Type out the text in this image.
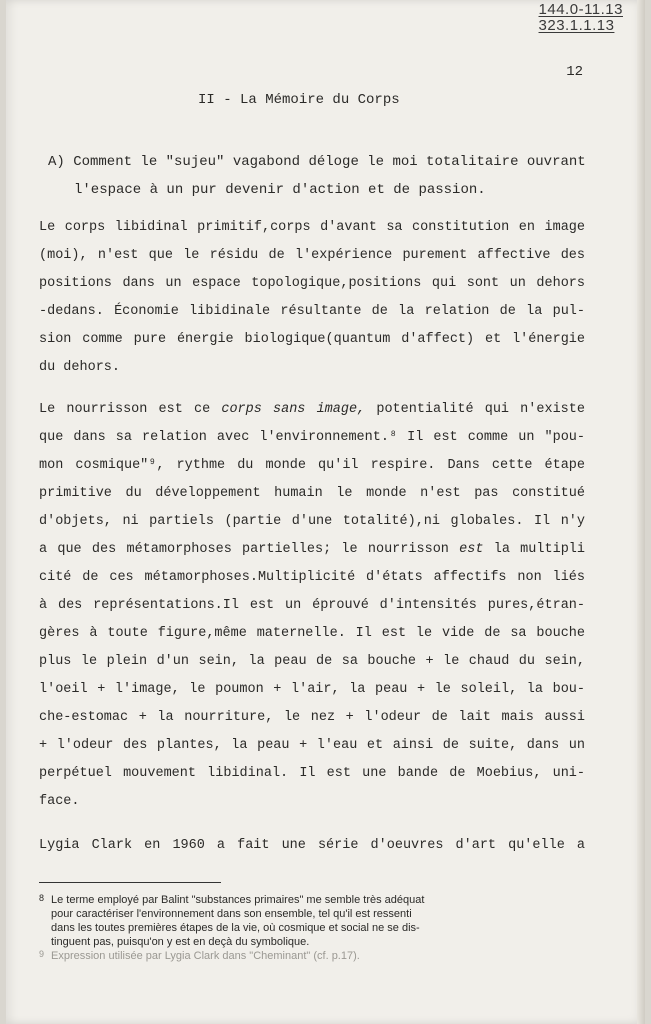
144.0-11.13
323.1.1.13
12
II - La Mémoire du Corps
A) Comment le "sujeu" vagabond déloge le moi totalitaire ouvrant
l'espace à un pur devenir d'action et de passion.
Le corps libidinal primitif,corps d'avant sa constitution en image
(moi), n'est que le résidu de l'expérience purement affective des
positions dans un espace topologique,positions qui sont un dehors
-dedans. Économie libidinale résultante de la relation de la pul-
sion comme pure énergie biologique(quantum d'affect) et l'énergie
du dehors.
Le nourrisson est ce corps sans image, potentialité qui n'existe
que dans sa relation avec l'environnement.⁸ Il est comme un "pou-
mon cosmique"⁹, rythme du monde qu'il respire. Dans cette étape
primitive du développement humain le monde n'est pas constitué
d'objets, ni partiels (partie d'une totalité),ni globales. Il n'y
a que des métamorphoses partielles; le nourrisson est la multipli
cité de ces métamorphoses.Multiplicité d'états affectifs non liés
à des représentations.Il est un éprouvé d'intensités pures,étran-
gères à toute figure,même maternelle. Il est le vide de sa bouche
plus le plein d'un sein, la peau de sa bouche + le chaud du sein,
l'oeil + l'image, le poumon + l'air, la peau + le soleil, la bou-
che-estomac + la nourriture, le nez + l'odeur de lait mais aussi
+ l'odeur des plantes, la peau + l'eau et ainsi de suite, dans un
perpétuel mouvement libidinal. Il est une bande de Moebius, uni-
face.
Lygia Clark en 1960 a fait une série d'oeuvres d'art qu'elle a
8 Le terme employé par Balint "substances primaires" me semble très adéquat
pour caractériser l'environnement dans son ensemble, tel qu'il est ressenti
dans les toutes premières étapes de la vie, où cosmique et social ne se dis-
tinguent pas, puisqu'on y est en deçà du symbolique.
9 Expression utilisée par Lygia Clark dans "Cheminant" (cf. p.17).
